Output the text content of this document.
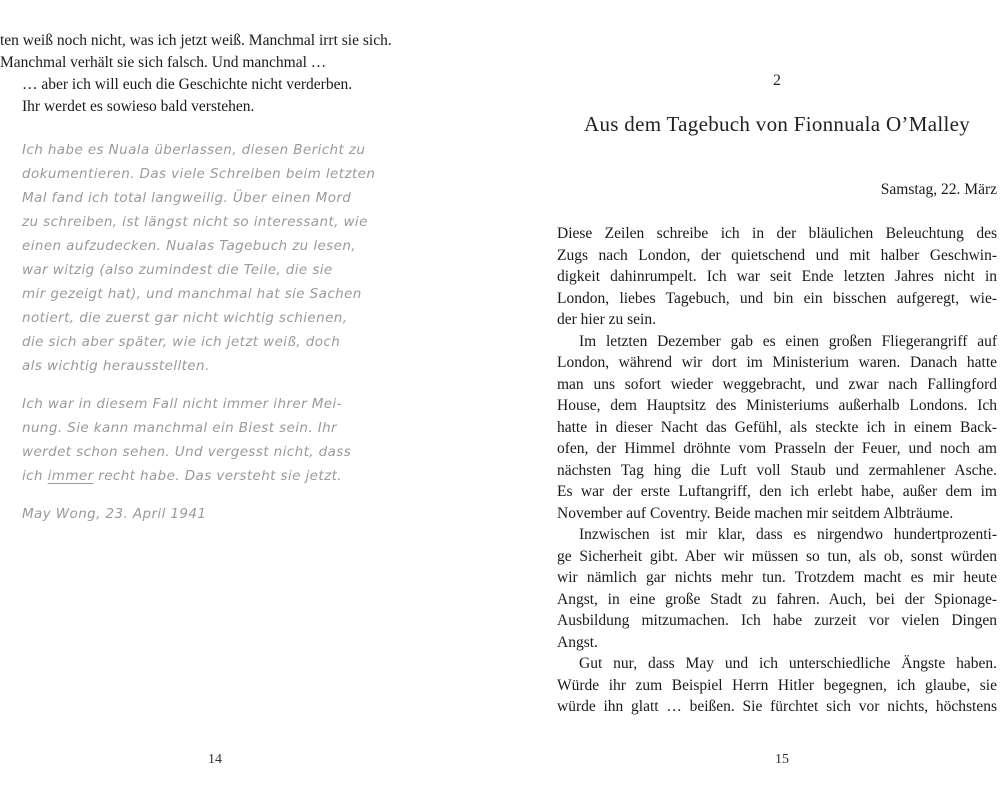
ten weiß noch nicht, was ich jetzt weiß. Manchmal irrt sie sich.

Manchmal verhält sie sich falsch. Und manchmal …

… aber ich will euch die Geschichte nicht verderben.

Ihr werdet es sowieso bald verstehen.

Ich habe es Nuala überlassen, diesen Bericht zu

dokumentieren. Das viele Schreiben beim letzten

Mal fand ich total langweilig. Über einen Mord

zu schreiben, ist längst nicht so interessant, wie

einen aufzudecken. Nualas Tagebuch zu lesen,

war witzig (also zumindest die Teile, die sie

mir gezeigt hat), und manchmal hat sie Sachen

notiert, die zuerst gar nicht wichtig schienen,

die sich aber später, wie ich jetzt weiß, doch

als wichtig herausstellten.

Ich war in diesem Fall nicht immer ihrer Mei-

nung. Sie kann manchmal ein Biest sein. Ihr

werdet schon sehen. Und vergesst nicht, dass

ich immer recht habe. Das versteht sie jetzt.

May Wong, 23. April 1941

14
2
Aus dem Tagebuch von Fionnuala O’Malley
Samstag, 22. März
Diese Zeilen schreibe ich in der bläulichen Beleuchtung des
Zugs nach London, der quietschend und mit halber Geschwin-
digkeit dahinrumpelt. Ich war seit Ende letzten Jahres nicht in
London, liebes Tagebuch, und bin ein bisschen aufgeregt, wie-
der hier zu sein.
Im letzten Dezember gab es einen großen Fliegerangriff auf
London, während wir dort im Ministerium waren. Danach hatte
man uns sofort wieder weggebracht, und zwar nach Fallingford
House, dem Hauptsitz des Ministeriums außerhalb Londons. Ich
hatte in dieser Nacht das Gefühl, als steckte ich in einem Back-
ofen, der Himmel dröhnte vom Prasseln der Feuer, und noch am
nächsten Tag hing die Luft voll Staub und zermahlener Asche.
Es war der erste Luftangriff, den ich erlebt habe, außer dem im
November auf Coventry. Beide machen mir seitdem Albträume.
Inzwischen ist mir klar, dass es nirgendwo hundertprozenti-
ge Sicherheit gibt. Aber wir müssen so tun, als ob, sonst würden
wir nämlich gar nichts mehr tun. Trotzdem macht es mir heute
Angst, in eine große Stadt zu fahren. Auch, bei der Spionage-
Ausbildung mitzumachen. Ich habe zurzeit vor vielen Dingen
Angst.
Gut nur, dass May und ich unterschiedliche Ängste haben.
Würde ihr zum Beispiel Herrn Hitler begegnen, ich glaube, sie
würde ihn glatt … beißen. Sie fürchtet sich vor nichts, höchstens
15
